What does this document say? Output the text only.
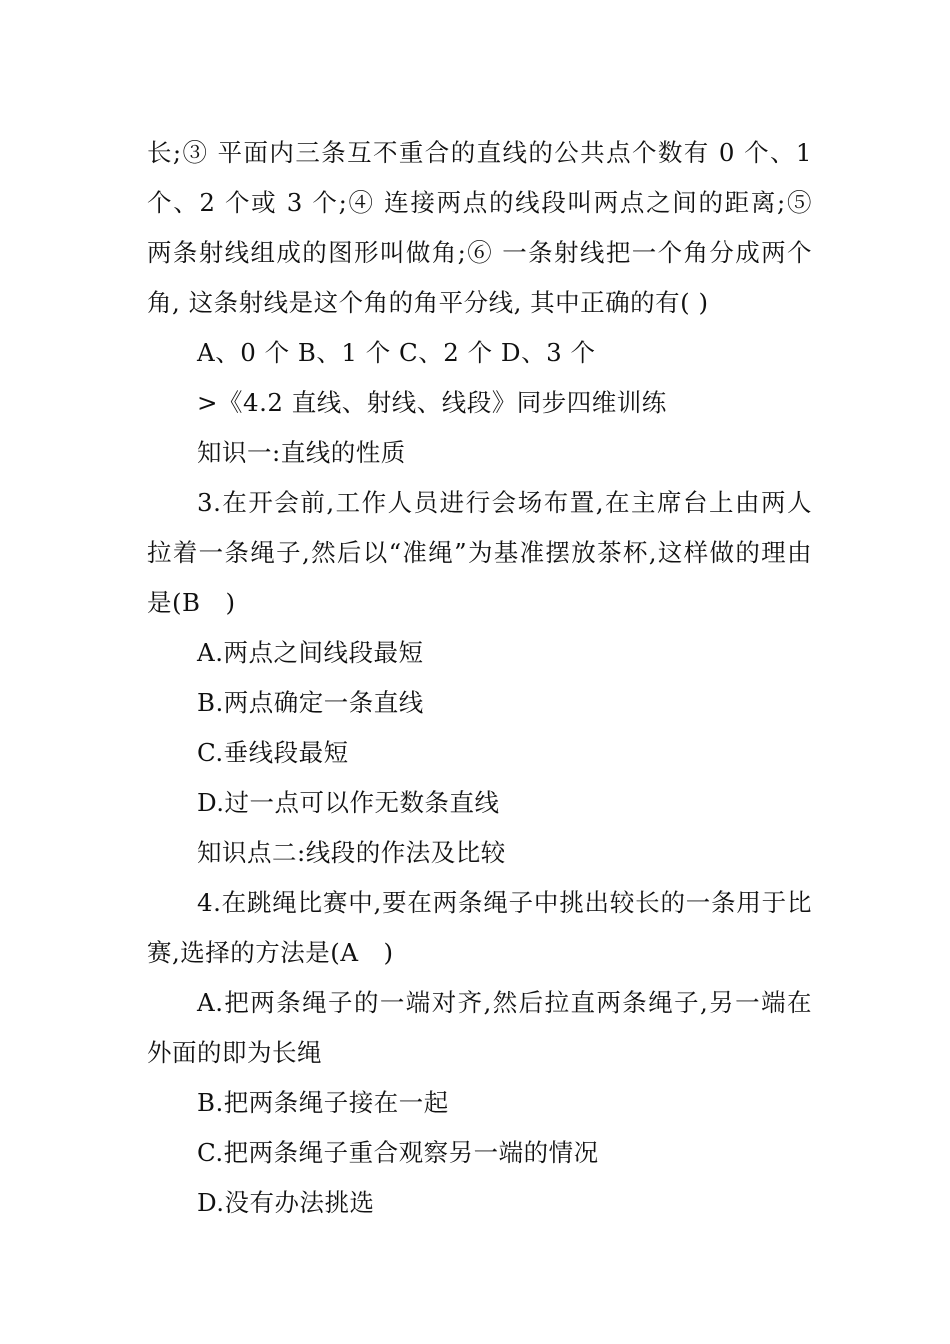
长;③ 平面内三条互不重合的直线的公共点个数有 0 个、1 个、2 个或 3 个;④ 连接两点的线段叫两点之间的距离;⑤ 两条射线组成的图形叫做角;⑥ 一条射线把一个角分成两个角, 这条射线是这个角的角平分线, 其中正确的有( )

A、0 个 B、1 个 C、2 个 D、3 个

>《4.2 直线、射线、线段》同步四维训练

知识一:直线的性质

3.在开会前,工作人员进行会场布置,在主席台上由两人拉着一条绳子,然后以“准绳”为基准摆放茶杯,这样做的理由是(B　)

A.两点之间线段最短

B.两点确定一条直线

C.垂线段最短

D.过一点可以作无数条直线

知识点二:线段的作法及比较

4.在跳绳比赛中,要在两条绳子中挑出较长的一条用于比赛,选择的方法是(A　)

A.把两条绳子的一端对齐,然后拉直两条绳子,另一端在外面的即为长绳

B.把两条绳子接在一起

C.把两条绳子重合观察另一端的情况

D.没有办法挑选
